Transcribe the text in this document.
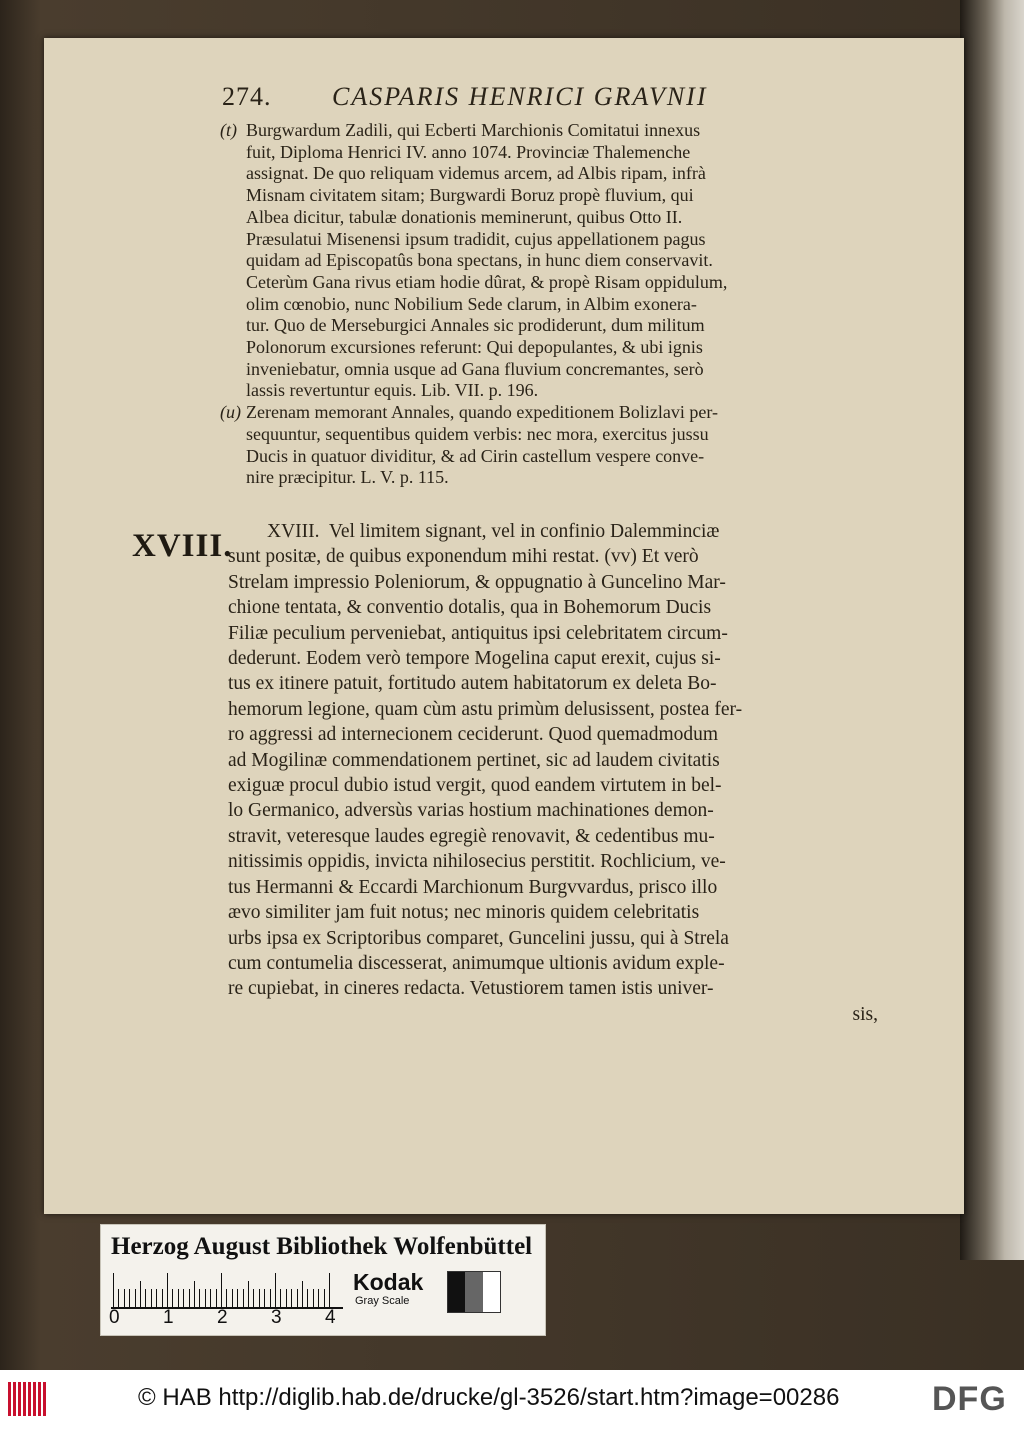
274. CASPARIS HENRICI GRAVNII
(t) Burgwardum Zadili, qui Ecberti Marchionis Comitatui innexus
fuit, Diploma Henrici IV. anno 1074. Provinciæ Thalemenche
assignat. De quo reliquam videmus arcem, ad Albis ripam, infrà
Misnam civitatem sitam; Burgwardi Boruz propè fluvium, qui
Albea dicitur, tabulæ donationis meminerunt, quibus Otto II.
Præsulatui Misenensi ipsum tradidit, cujus appellationem pagus
quidam ad Episcopatûs bona spectans, in hunc diem conservavit.
Ceterùm Gana rivus etiam hodie dûrat, & propè Risam oppidulum,
olim cœnobio, nunc Nobilium Sede clarum, in Albim exonera-
tur. Quo de Merseburgici Annales sic prodiderunt, dum militum
Polonorum excursiones referunt: Qui depopulantes, & ubi ignis
inveniebatur, omnia usque ad Gana fluvium concremantes, serò
lassis revertuntur equis. Lib. VII. p. 196.
(u) Zerenam memorant Annales, quando expeditionem Bolizlavi per-
sequuntur, sequentibus quidem verbis: nec mora, exercitus jussu
Ducis in quatuor dividitur, & ad Cirin castellum vespere conve-
nire præcipitur. L. V. p. 115.
XVIII.
XVIII.  Vel limitem signant, vel in confinio Dalemminciæ
sunt positæ, de quibus exponendum mihi restat. (vv) Et verò
Strelam impressio Poleniorum, & oppugnatio à Guncelino Mar-
chione tentata, & conventio dotalis, qua in Bohemorum Ducis
Filiæ peculium perveniebat, antiquitus ipsi celebritatem circum-
dederunt. Eodem verò tempore Mogelina caput erexit, cujus si-
tus ex itinere patuit, fortitudo autem habitatorum ex deleta Bo-
hemorum legione, quam cùm astu primùm delusissent, postea fer-
ro aggressi ad internecionem ceciderunt. Quod quemadmodum
ad Mogilinæ commendationem pertinet, sic ad laudem civitatis
exiguæ procul dubio istud vergit, quod eandem virtutem in bel-
lo Germanico, adversùs varias hostium machinationes demon-
stravit, veteresque laudes egregiè renovavit, & cedentibus mu-
nitissimis oppidis, invicta nihilosecius perstitit. Rochlicium, ve-
tus Hermanni & Eccardi Marchionum Burgvvardus, prisco illo
ævo similiter jam fuit notus; nec minoris quidem celebritatis
urbs ipsa ex Scriptoribus comparet, Guncelini jussu, qui à Strela
cum contumelia discesserat, animumque ultionis avidum exple-
re cupiebat, in cineres redacta. Vetustiorem tamen istis univer-
sis,
Herzog August Bibliothek Wolfenbüttel
0 1 2 3 4
Kodak
Gray Scale
© HAB http://diglib.hab.de/drucke/gl-3526/start.htm?image=00286	DFG
